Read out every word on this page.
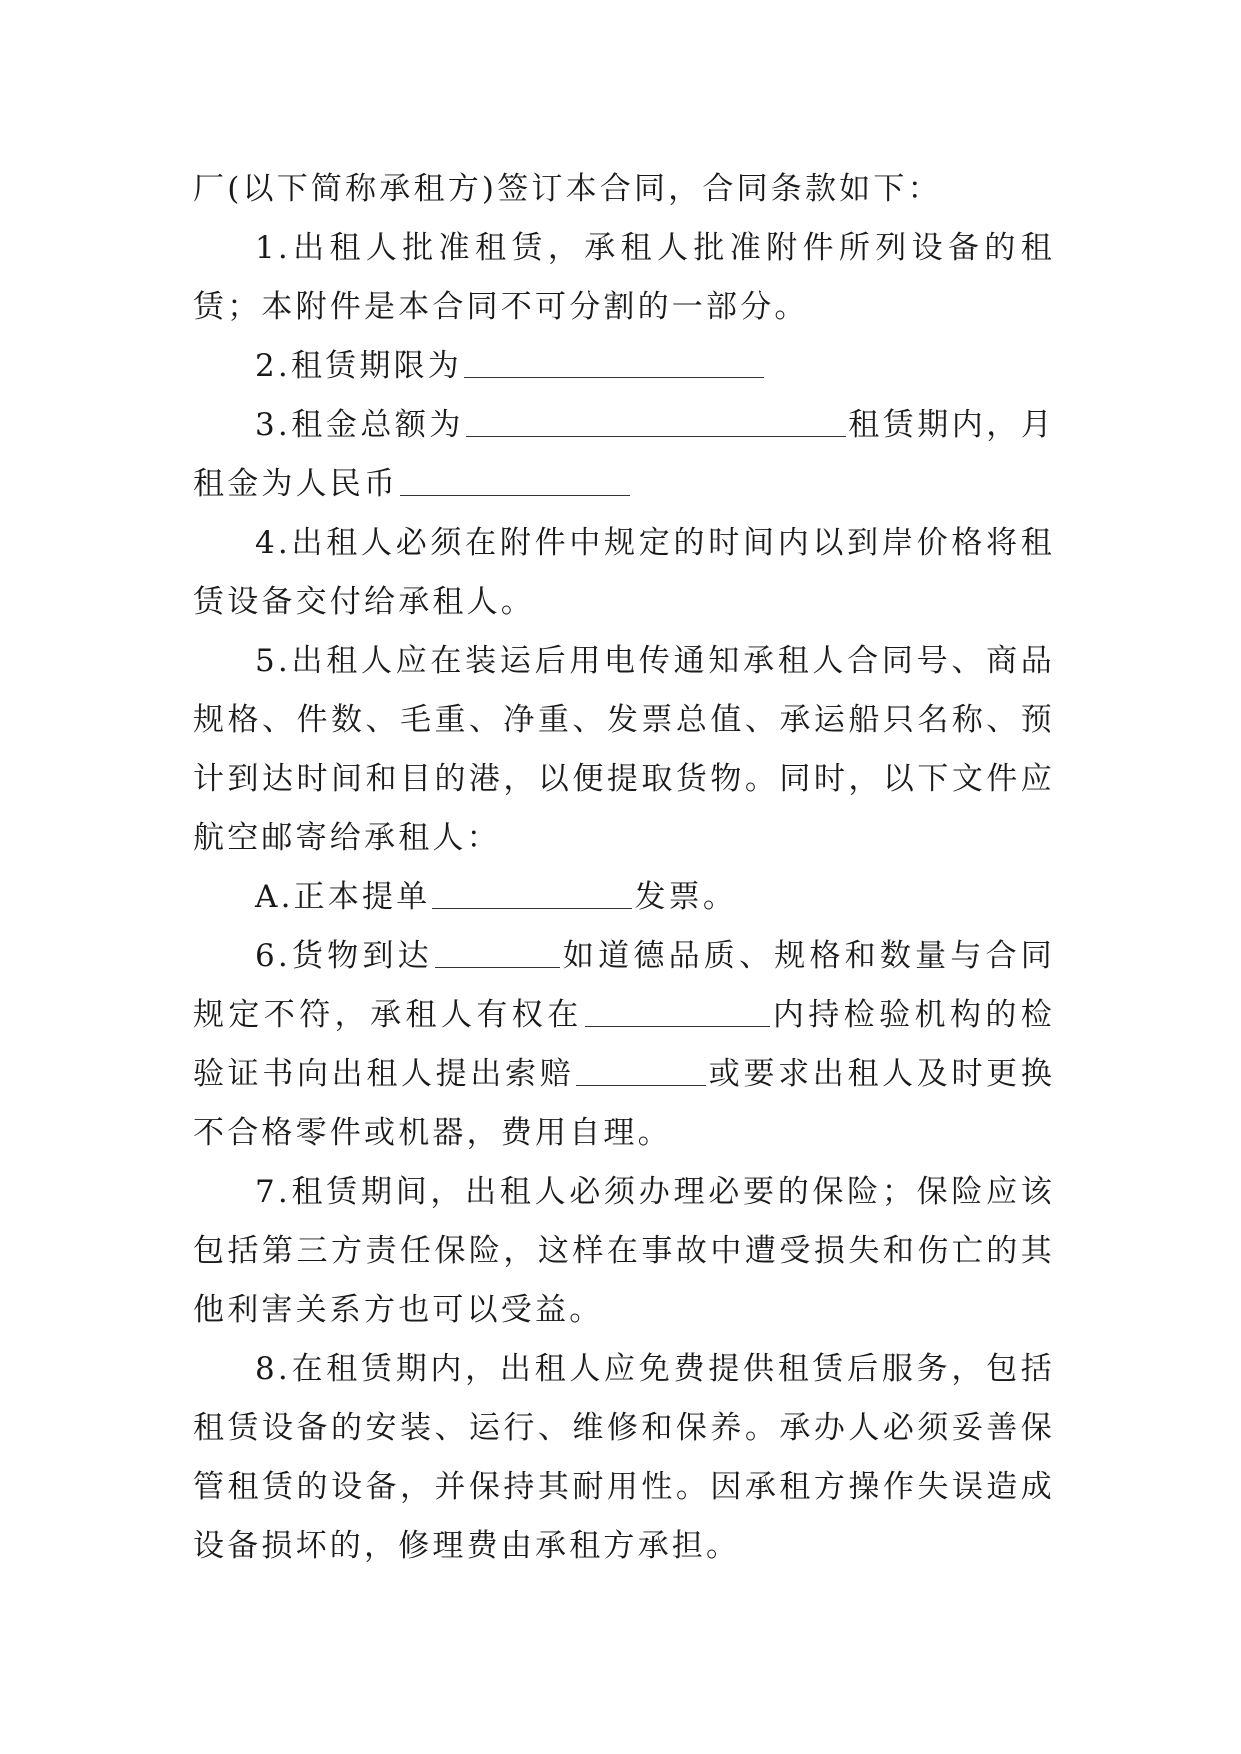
厂(以下简称承租方)签订本合同，合同条款如下：

1.出租人批准租赁，承租人批准附件所列设备的租赁；本附件是本合同不可分割的一部分。

2.租赁期限为

3.租金总额为	租赁期内，月租金为人民币

4.出租人必须在附件中规定的时间内以到岸价格将租赁设备交付给承租人。

5.出租人应在装运后用电传通知承租人合同号、商品规格、件数、毛重、净重、发票总值、承运船只名称、预计到达时间和目的港，以便提取货物。同时，以下文件应航空邮寄给承租人：

A.正本提单	发票。

6.货物到达	如道德品质、规格和数量与合同规定不符，承租人有权在	内持检验机构的检验证书向出租人提出索赔	或要求出租人及时更换不合格零件或机器，费用自理。

7.租赁期间，出租人必须办理必要的保险；保险应该包括第三方责任保险，这样在事故中遭受损失和伤亡的其他利害关系方也可以受益。

8.在租赁期内，出租人应免费提供租赁后服务，包括租赁设备的安装、运行、维修和保养。承办人必须妥善保管租赁的设备，并保持其耐用性。因承租方操作失误造成设备损坏的，修理费由承租方承担。
